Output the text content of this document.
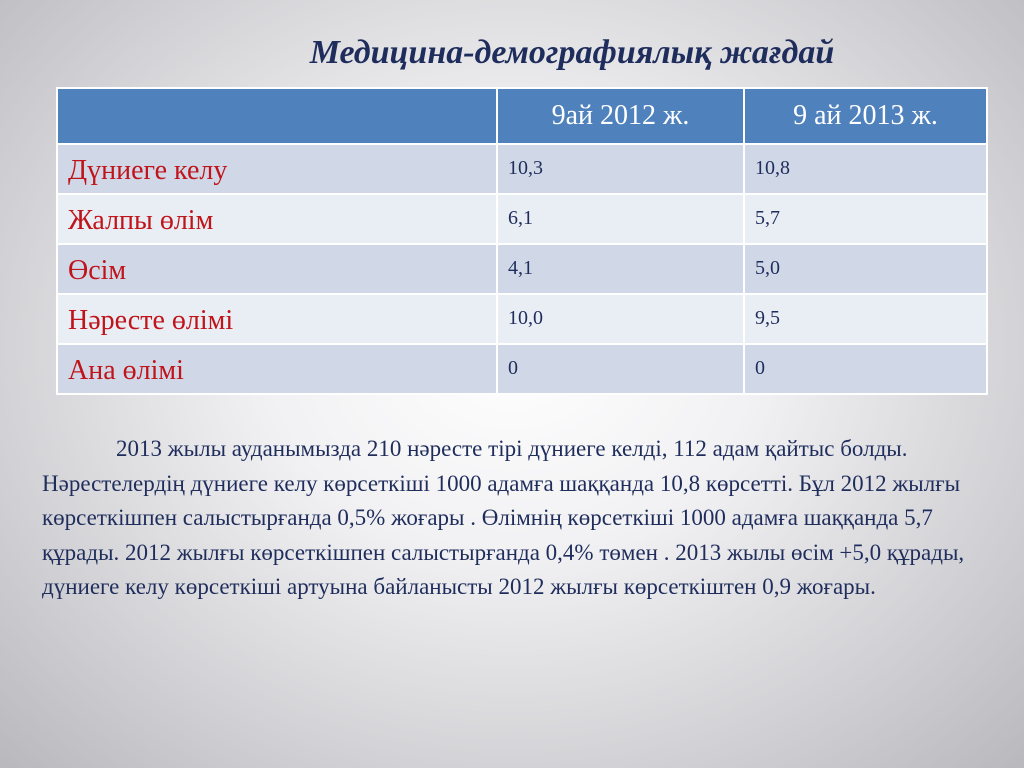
Медицина-демографиялық жағдай
	9ай 2012 ж.	9 ай 2013 ж.
Дүниеге келу	10,3	10,8
Жалпы өлім	6,1	5,7
Өсім	4,1	5,0
Нәресте өлімі	10,0	9,5
Ана өлімі	0	0

2013 жылы ауданымызда 210 нәресте тірі дүниеге келді, 112 адам қайтыс болды. Нәрестелердің дүниеге келу көрсеткіші 1000 адамға шаққанда 10,8 көрсетті. Бұл 2012 жылғы көрсеткішпен салыстырғанда 0,5% жоғары . Өлімнің көрсеткіші 1000 адамға шаққанда 5,7 құрады. 2012 жылғы көрсеткішпен салыстырғанда 0,4% төмен . 2013 жылы өсім +5,0 құрады, дүниеге келу көрсеткіші артуына байланысты 2012 жылғы көрсеткіштен 0,9 жоғары.
